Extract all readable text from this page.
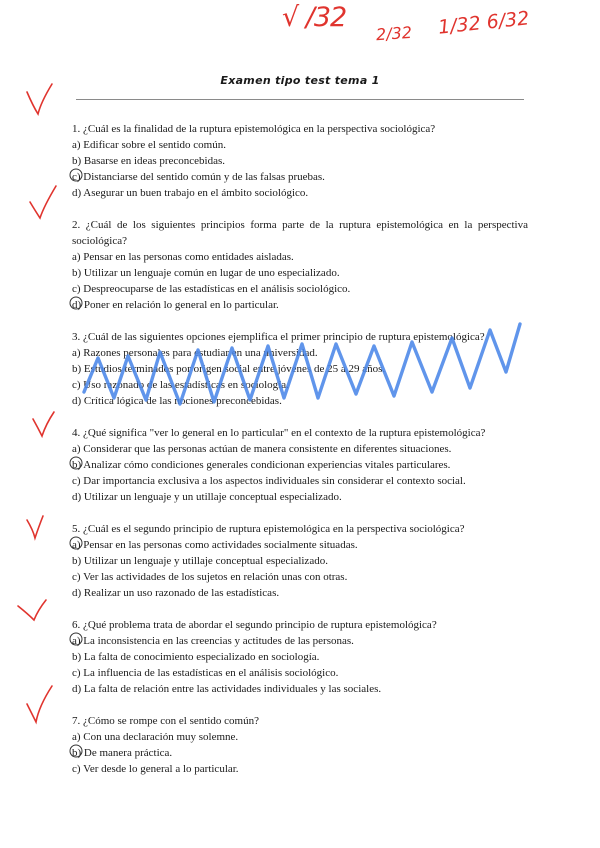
√ /32
2/32 1/32 6/32
Examen tipo test tema 1
1. ¿Cuál es la finalidad de la ruptura epistemológica en la perspectiva sociológica?
a) Edificar sobre el sentido común.
b) Basarse en ideas preconcebidas.
c) Distanciarse del sentido común y de las falsas pruebas.
d) Asegurar un buen trabajo en el ámbito sociológico.
2. ¿Cuál de los siguientes principios forma parte de la ruptura epistemológica en la perspectiva sociológica?
a) Pensar en las personas como entidades aisladas.
b) Utilizar un lenguaje común en lugar de uno especializado.
c) Despreocuparse de las estadísticas en el análisis sociológico.
d) Poner en relación lo general en lo particular.
3. ¿Cuál de las siguientes opciones ejemplifica el primer principio de ruptura epistemológica?
a) Razones personales para estudiar en una universidad.
b) Estudios terminados por origen social entre jóvenes de 25 a 29 años.
c) Uso razonado de las estadísticas en sociología.
d) Crítica lógica de las nociones preconcebidas.
4. ¿Qué significa "ver lo general en lo particular" en el contexto de la ruptura epistemológica?
a) Considerar que las personas actúan de manera consistente en diferentes situaciones.
b) Analizar cómo condiciones generales condicionan experiencias vitales particulares.
c) Dar importancia exclusiva a los aspectos individuales sin considerar el contexto social.
d) Utilizar un lenguaje y un utillaje conceptual especializado.
5. ¿Cuál es el segundo principio de ruptura epistemológica en la perspectiva sociológica?
a) Pensar en las personas como actividades socialmente situadas.
b) Utilizar un lenguaje y utillaje conceptual especializado.
c) Ver las actividades de los sujetos en relación unas con otras.
d) Realizar un uso razonado de las estadísticas.
6. ¿Qué problema trata de abordar el segundo principio de ruptura epistemológica?
a) La inconsistencia en las creencias y actitudes de las personas.
b) La falta de conocimiento especializado en sociología.
c) La influencia de las estadísticas en el análisis sociológico.
d) La falta de relación entre las actividades individuales y las sociales.
7. ¿Cómo se rompe con el sentido común?
a) Con una declaración muy solemne.
b) De manera práctica.
c) Ver desde lo general a lo particular.
